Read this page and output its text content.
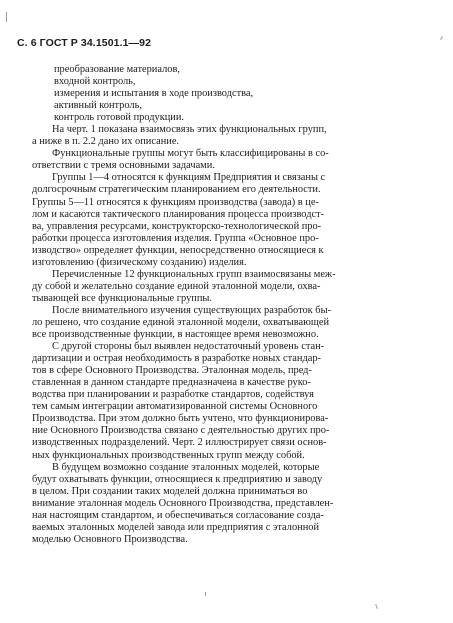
С. 6 ГОСТ Р 34.1501.1—92
преобразование материалов,
входной контроль,
измерения и испытания в ходе производства,
активный контроль,
контроль готовой продукции.
На черт. 1 показана взаимосвязь этих функциональных групп,
а ниже в п. 2.2 дано их описание.
Функциональные группы могут быть классифицированы в со-
ответствии с тремя основными задачами.
Группы 1—4 относятся к функциям Предприятия и связаны с
долгосрочным стратегическим планированием его деятельности.
Группы 5—11 относятся к функциям производства (завода) в це-
лом и касаются тактического планирования процесса производст-
ва, управления ресурсами, конструкторско-технологической про-
работки процесса изготовления изделия. Группа «Основное про-
изводство» определяет функции, непосредственно относящиеся к
изготовлению (физическому созданию) изделия.
Перечисленные 12 функциональных групп взаимосвязаны меж-
ду собой и желательно создание единой эталонной модели, охва-
тывающей все функциональные группы.
После внимательного изучения существующих разработок бы-
ло решено, что создание единой эталонной модели, охватывающей
все производственные функции, в настоящее время невозможно.
С другой стороны был выявлен недостаточный уровень стан-
дартизации и острая необходимость в разработке новых стандар-
тов в сфере Основного Производства. Эталонная модель, пред-
ставленная в данном стандарте предназначена в качестве руко-
водства при планировании и разработке стандартов, содействуя
тем самым интеграции автоматизированной системы Основного
Производства. При этом должно быть учтено, что функционирова-
ние Основного Производства связано с деятельностью других про-
изводственных подразделений. Черт. 2 иллюстрирует связи основ-
ных функциональных производственных групп между собой.
В будущем возможно создание эталонных моделей, которые
будут охватывать функции, относящиеся к предприятию и заводу
в целом. При создании таких моделей должна приниматься во
внимание эталонная модель Основного Производства, представлен-
ная настоящим стандартом, и обеспечиваться согласование созда-
ваемых эталонных моделей завода или предприятия с эталонной
моделью Основного Производства.
